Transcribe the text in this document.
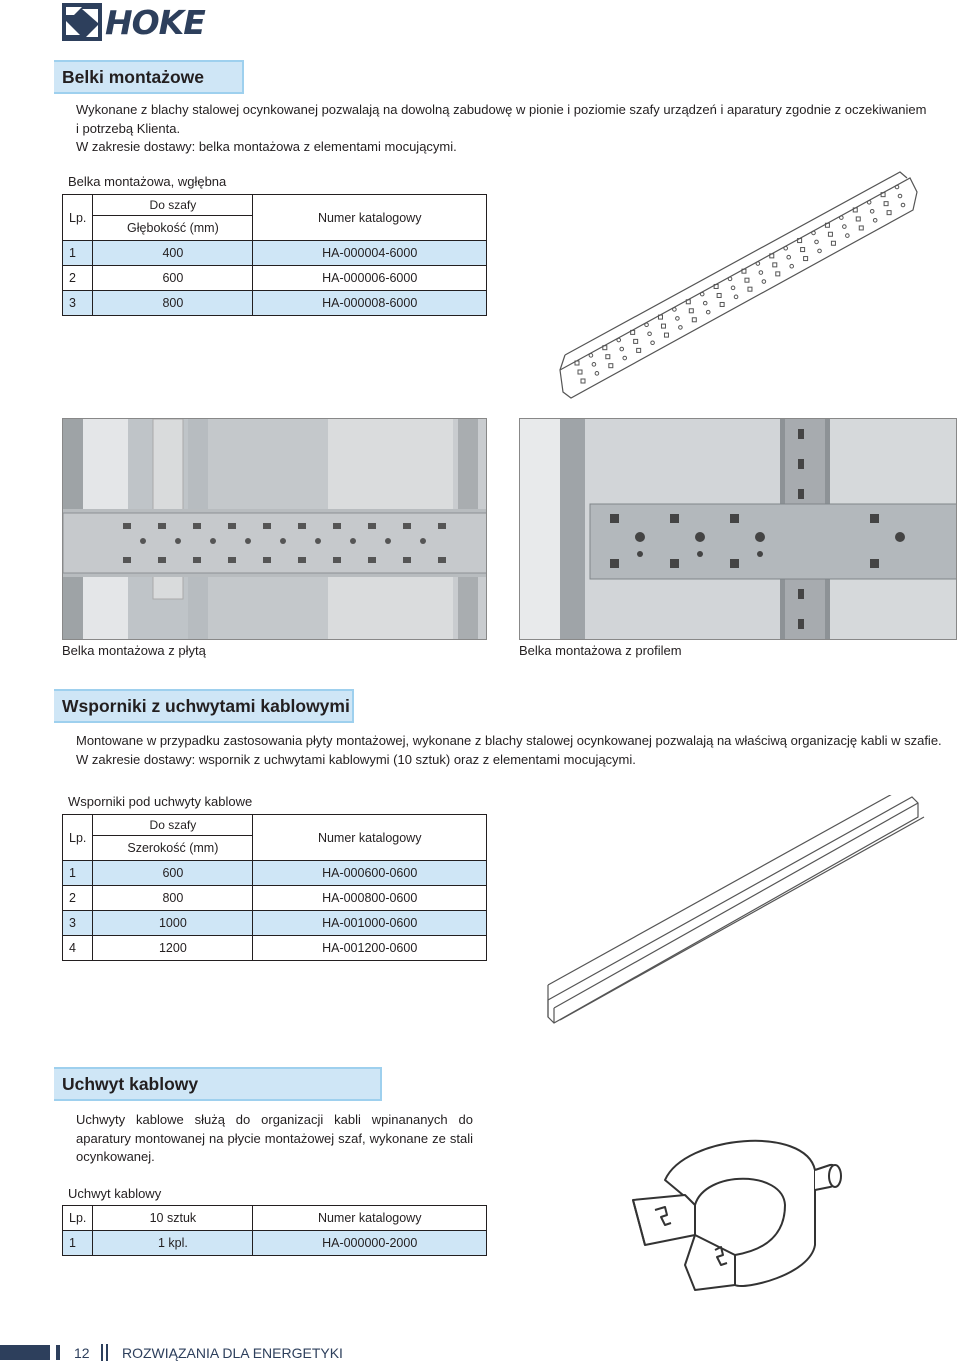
HOKE
Belki montażowe
Wykonane z blachy stalowej ocynkowanej pozwalają na dowolną zabudowę w pionie i poziomie szafy urządzeń i aparatury zgodnie z oczekiwaniem
i potrzebą Klienta.
W zakresie dostawy: belka montażowa z elementami mocującymi.
Belka montażowa, wgłębna
Lp.	Do szafy	Numer katalogowy
	Głębokość (mm)	
1	400	HA-000004-6000
2	600	HA-000006-6000
3	800	HA-000008-6000
Belka montażowa z płytą	Belka montażowa z profilem
Wsporniki z uchwytami kablowymi
Montowane w przypadku zastosowania płyty montażowej, wykonane z blachy stalowej ocynkowanej pozwalają na właściwą organizację kabli w szafie.
W zakresie dostawy: wspornik z uchwytami kablowymi (10 sztuk) oraz z elementami mocującymi.
Wsporniki pod uchwyty kablowe
Lp.	Do szafy	Numer katalogowy
	Szerokość (mm)	
1	600	HA-000600-0600
2	800	HA-000800-0600
3	1000	HA-001000-0600
4	1200	HA-001200-0600
Uchwyt kablowy
Uchwyty kablowe służą do organizacji kabli wpinananych do
aparatury montowanej na płycie montażowej szaf, wykonane ze stali
ocynkowanej.
Uchwyt kablowy
Lp.	10 sztuk	Numer katalogowy
1	1 kpl.	HA-000000-2000
12 ROZWIĄZANIA DLA ENERGETYKI
